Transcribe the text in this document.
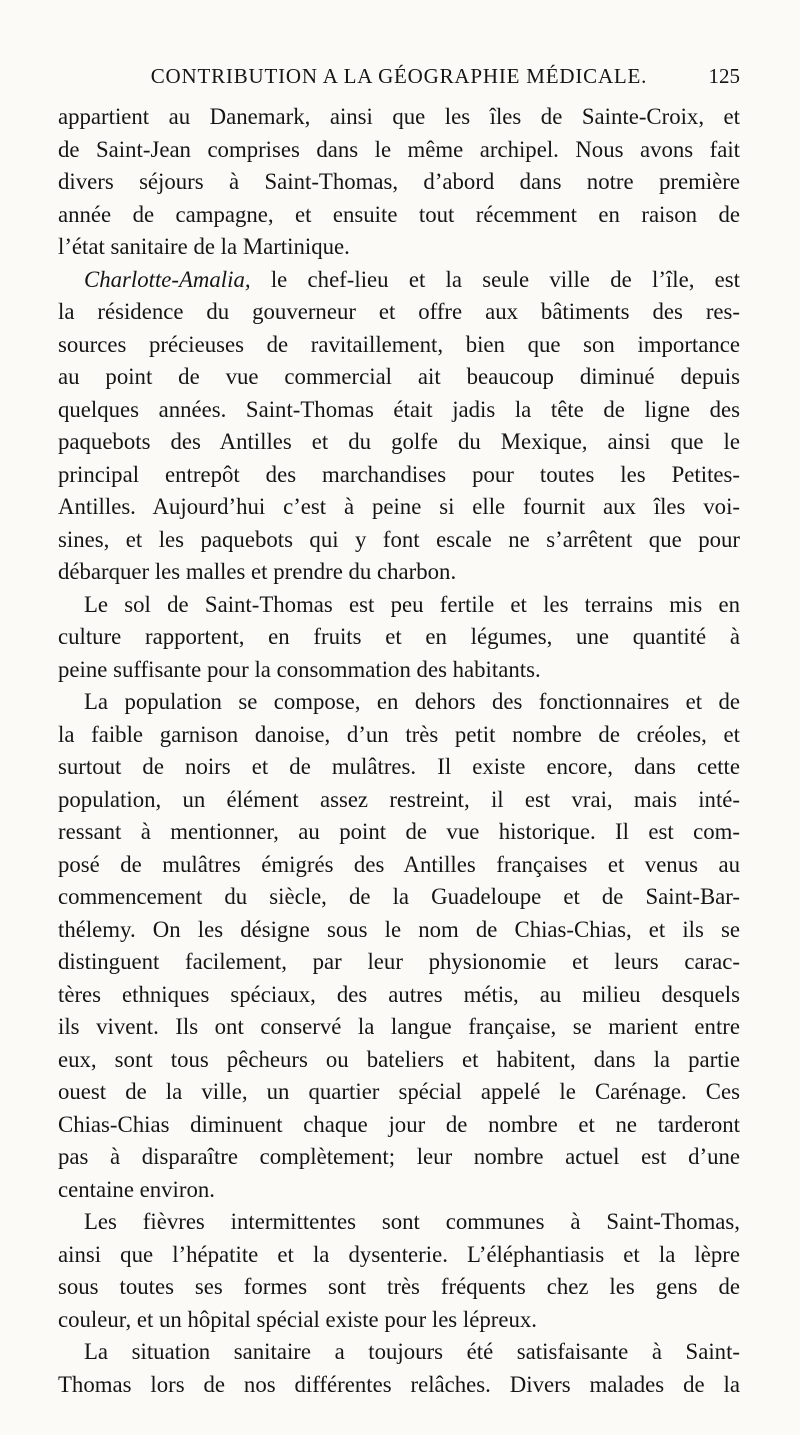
CONTRIBUTION A LA GÉOGRAPHIE MÉDICALE.	125
appartient au Danemark, ainsi que les îles de Sainte-Croix, et
de Saint-Jean comprises dans le même archipel. Nous avons fait
divers séjours à Saint-Thomas, d’abord dans notre première
année de campagne, et ensuite tout récemment en raison de
l’état sanitaire de la Martinique.
Charlotte-Amalia, le chef-lieu et la seule ville de l’île, est
la résidence du gouverneur et offre aux bâtiments des res-
sources précieuses de ravitaillement, bien que son importance
au point de vue commercial ait beaucoup diminué depuis
quelques années. Saint-Thomas était jadis la tête de ligne des
paquebots des Antilles et du golfe du Mexique, ainsi que le
principal entrepôt des marchandises pour toutes les Petites-
Antilles. Aujourd’hui c’est à peine si elle fournit aux îles voi-
sines, et les paquebots qui y font escale ne s’arrêtent que pour
débarquer les malles et prendre du charbon.
Le sol de Saint-Thomas est peu fertile et les terrains mis en
culture rapportent, en fruits et en légumes, une quantité à
peine suffisante pour la consommation des habitants.
La population se compose, en dehors des fonctionnaires et de
la faible garnison danoise, d’un très petit nombre de créoles, et
surtout de noirs et de mulâtres. Il existe encore, dans cette
population, un élément assez restreint, il est vrai, mais inté-
ressant à mentionner, au point de vue historique. Il est com-
posé de mulâtres émigrés des Antilles françaises et venus au
commencement du siècle, de la Guadeloupe et de Saint-Bar-
thélemy. On les désigne sous le nom de Chias-Chias, et ils se
distinguent facilement, par leur physionomie et leurs carac-
tères ethniques spéciaux, des autres métis, au milieu desquels
ils vivent. Ils ont conservé la langue française, se marient entre
eux, sont tous pêcheurs ou bateliers et habitent, dans la partie
ouest de la ville, un quartier spécial appelé le Carénage. Ces
Chias-Chias diminuent chaque jour de nombre et ne tarderont
pas à disparaître complètement; leur nombre actuel est d’une
centaine environ.
Les fièvres intermittentes sont communes à Saint-Thomas,
ainsi que l’hépatite et la dysenterie. L’éléphantiasis et la lèpre
sous toutes ses formes sont très fréquents chez les gens de
couleur, et un hôpital spécial existe pour les lépreux.
La situation sanitaire a toujours été satisfaisante à Saint-
Thomas lors de nos différentes relâches. Divers malades de la
